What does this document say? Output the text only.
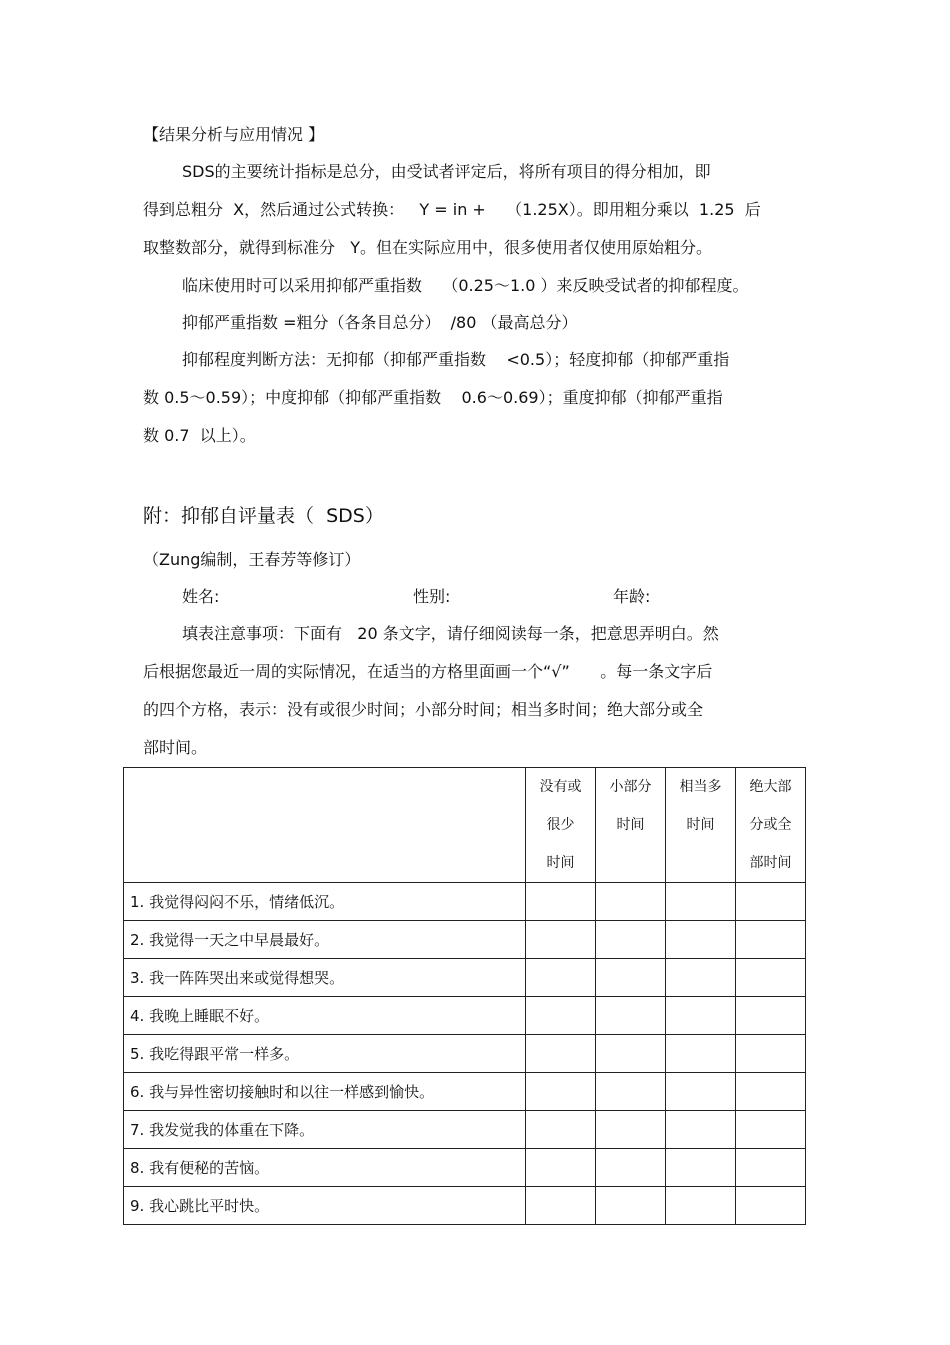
【结果分析与应用情况 】
SDS的主要统计指标是总分，由受试者评定后，将所有项目的得分相加，即
得到总粗分  X，然后通过公式转换：   Y = in +    （1.25X）。即用粗分乘以  1.25  后
取整数部分，就得到标准分   Y。但在实际应用中，很多使用者仅使用原始粗分。
临床使用时可以采用抑郁严重指数    （0.25～1.0 ）来反映受试者的抑郁程度。
抑郁严重指数 =粗分（各条目总分）  /80 （最高总分）
抑郁程度判断方法：无抑郁（抑郁严重指数    <0.5）；轻度抑郁（抑郁严重指
数 0.5～0.59）；中度抑郁（抑郁严重指数    0.6～0.69）；重度抑郁（抑郁严重指
数 0.7  以上）。
附：抑郁自评量表（  SDS）
（Zung编制，王春芳等修订）
姓名:	性别:	年龄:
填表注意事项：下面有   20 条文字，请仔细阅读每一条，把意思弄明白。然
后根据您最近一周的实际情况，在适当的方格里面画一个“√”      。每一条文字后
的四个方格，表示：没有或很少时间；小部分时间；相当多时间；绝大部分或全
部时间。

	没有或
很少
时间	小部分
时间	相当多
时间	绝大部
分或全
部时间

1. 我觉得闷闷不乐，情绪低沉。				

2. 我觉得一天之中早晨最好。				

3. 我一阵阵哭出来或觉得想哭。				

4. 我晚上睡眠不好。				

5. 我吃得跟平常一样多。				

6. 我与异性密切接触时和以往一样感到愉快。				

7. 我发觉我的体重在下降。				

8. 我有便秘的苦恼。				

9. 我心跳比平时快。				
